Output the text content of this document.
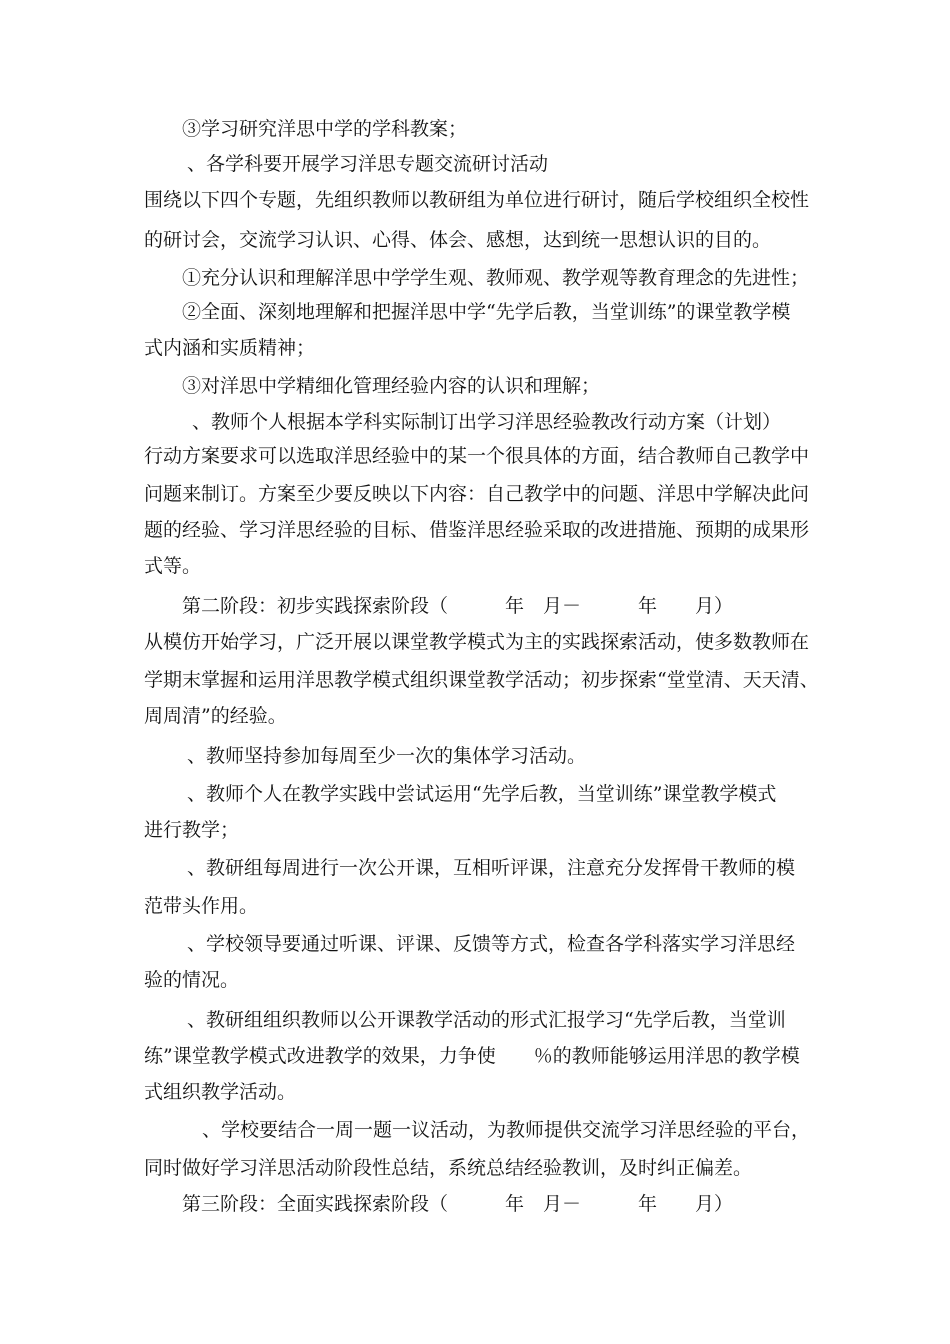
③学习研究洋思中学的学科教案；
、各学科要开展学习洋思专题交流研讨活动
围绕以下四个专题，先组织教师以教研组为单位进行研讨，随后学校组织全校性
的研讨会，交流学习认识、心得、体会、感想，达到统一思想认识的目的。
①充分认识和理解洋思中学学生观、教师观、教学观等教育理念的先进性；
②全面、深刻地理解和把握洋思中学“先学后教，当堂训练”的课堂教学模
式内涵和实质精神；
③对洋思中学精细化管理经验内容的认识和理解；
、教师个人根据本学科实际制订出学习洋思经验教改行动方案（计划）
行动方案要求可以选取洋思经验中的某一个很具体的方面，结合教师自己教学中
问题来制订。方案至少要反映以下内容：自己教学中的问题、洋思中学解决此问
题的经验、学习洋思经验的目标、借鉴洋思经验采取的改进措施、预期的成果形
式等。
第二阶段：初步实践探索阶段（　　　年　月－　　　年　　月）
从模仿开始学习，广泛开展以课堂教学模式为主的实践探索活动，使多数教师在
学期末掌握和运用洋思教学模式组织课堂教学活动；初步探索“堂堂清、天天清、
周周清”的经验。
、教师坚持参加每周至少一次的集体学习活动。
、教师个人在教学实践中尝试运用“先学后教，当堂训练”课堂教学模式
进行教学；
、教研组每周进行一次公开课，互相听评课，注意充分发挥骨干教师的模
范带头作用。
、学校领导要通过听课、评课、反馈等方式，检查各学科落实学习洋思经
验的情况。
、教研组组织教师以公开课教学活动的形式汇报学习“先学后教，当堂训
练”课堂教学模式改进教学的效果，力争使　　％的教师能够运用洋思的教学模
式组织教学活动。
、学校要结合一周一题一议活动，为教师提供交流学习洋思经验的平台，
同时做好学习洋思活动阶段性总结，系统总结经验教训，及时纠正偏差。
第三阶段：全面实践探索阶段（　　　年　月－　　　年　　月）
